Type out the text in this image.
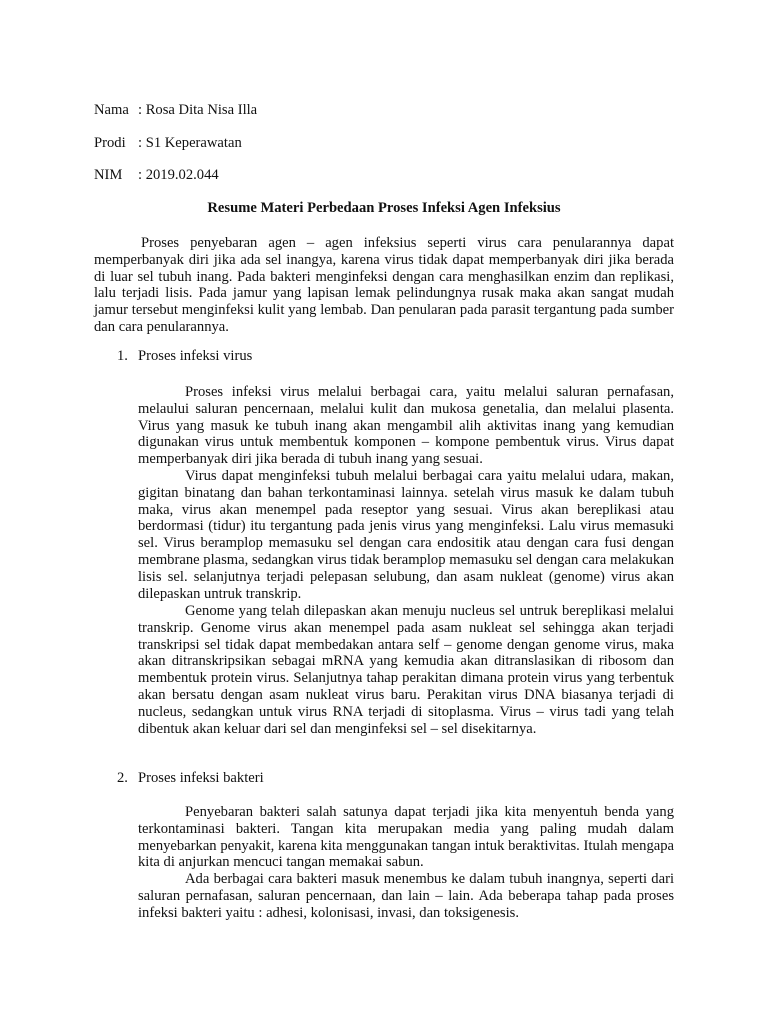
Nama : Rosa Dita Nisa Illa
Prodi : S1 Keperawatan
NIM : 2019.02.044
Resume Materi Perbedaan Proses Infeksi Agen Infeksius

Proses penyebaran agen – agen infeksius seperti virus cara penularannya dapat memperbanyak diri jika ada sel inangya, karena virus tidak dapat memperbanyak diri jika berada di luar sel tubuh inang. Pada bakteri menginfeksi dengan cara menghasilkan enzim dan replikasi, lalu terjadi lisis. Pada jamur yang lapisan lemak pelindungnya rusak maka akan sangat mudah jamur tersebut menginfeksi kulit yang lembab. Dan penularan pada parasit tergantung pada sumber dan cara penularannya.

1. Proses infeksi virus

Proses infeksi virus melalui berbagai cara, yaitu melalui saluran pernafasan, melaului saluran pencernaan, melalui kulit dan mukosa genetalia, dan melalui plasenta. Virus yang masuk ke tubuh inang akan mengambil alih aktivitas inang yang kemudian digunakan virus untuk membentuk komponen – kompone pembentuk virus. Virus dapat memperbanyak diri jika berada di tubuh inang yang sesuai.

Virus dapat menginfeksi tubuh melalui berbagai cara yaitu melalui udara, makan, gigitan binatang dan bahan terkontaminasi lainnya. setelah virus masuk ke dalam tubuh maka, virus akan menempel pada reseptor yang sesuai. Virus akan bereplikasi atau berdormasi (tidur) itu tergantung pada jenis virus yang menginfeksi. Lalu virus memasuki sel. Virus beramplop memasuku sel dengan cara endositik atau dengan cara fusi dengan membrane plasma, sedangkan virus tidak beramplop memasuku sel dengan cara melakukan lisis sel. selanjutnya terjadi pelepasan selubung, dan asam nukleat (genome) virus akan dilepaskan untruk transkrip.

Genome yang telah dilepaskan akan menuju nucleus sel untruk bereplikasi melalui transkrip. Genome virus akan menempel pada asam nukleat sel sehingga akan terjadi transkripsi sel tidak dapat membedakan antara self – genome dengan genome virus, maka akan ditranskripsikan sebagai mRNA yang kemudia akan ditranslasikan di ribosom dan membentuk protein virus. Selanjutnya tahap perakitan dimana protein virus yang terbentuk akan bersatu dengan asam nukleat virus baru. Perakitan virus DNA biasanya terjadi di nucleus, sedangkan untuk virus RNA terjadi di sitoplasma. Virus – virus tadi yang telah dibentuk akan keluar dari sel dan menginfeksi sel – sel disekitarnya.

2. Proses infeksi bakteri

Penyebaran bakteri salah satunya dapat terjadi jika kita menyentuh benda yang terkontaminasi bakteri. Tangan kita merupakan media yang paling mudah dalam menyebarkan penyakit, karena kita menggunakan tangan intuk beraktivitas. Itulah mengapa kita di anjurkan mencuci tangan memakai sabun.

Ada berbagai cara bakteri masuk menembus ke dalam tubuh inangnya, seperti dari saluran pernafasan, saluran pencernaan, dan lain – lain. Ada beberapa tahap pada proses infeksi bakteri yaitu : adhesi, kolonisasi, invasi, dan toksigenesis.
